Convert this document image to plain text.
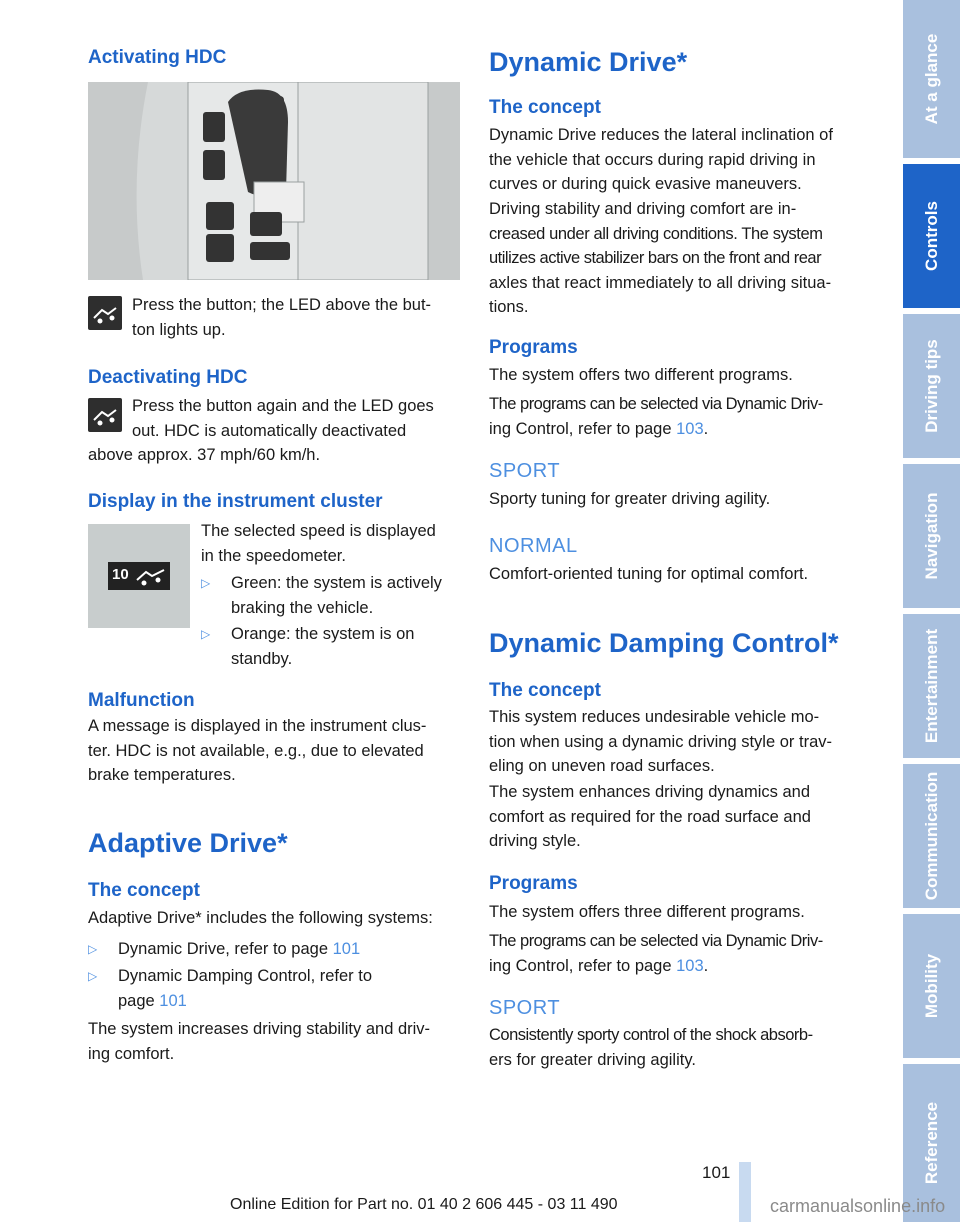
Activating HDC
Press the button; the LED above the but-
ton lights up.
Deactivating HDC
Press the button again and the LED goes
out. HDC is automatically deactivated
above approx. 37 mph/60 km/h.
Display in the instrument cluster
10
The selected speed is displayed
in the speedometer.
▷ Green: the system is actively
braking the vehicle.
▷ Orange: the system is on
standby.
Malfunction
A message is displayed in the instrument clus-
ter. HDC is not available, e.g., due to elevated
brake temperatures.
Adaptive Drive*
The concept
Adaptive Drive* includes the following systems:
▷ Dynamic Drive, refer to page 101
▷ Dynamic Damping Control, refer to
page 101
The system increases driving stability and driv-
ing comfort.
Dynamic Drive*
The concept
Dynamic Drive reduces the lateral inclination of
the vehicle that occurs during rapid driving in
curves or during quick evasive maneuvers.
Driving stability and driving comfort are in-
creased under all driving conditions. The system
utilizes active stabilizer bars on the front and rear
axles that react immediately to all driving situa-
tions.
Programs
The system offers two different programs.
The programs can be selected via Dynamic Driv-
ing Control, refer to page 103.
SPORT
Sporty tuning for greater driving agility.
NORMAL
Comfort-oriented tuning for optimal comfort.
Dynamic Damping Control*
The concept
This system reduces undesirable vehicle mo-
tion when using a dynamic driving style or trav-
eling on uneven road surfaces.
The system enhances driving dynamics and
comfort as required for the road surface and
driving style.
Programs
The system offers three different programs.
The programs can be selected via Dynamic Driv-
ing Control, refer to page 103.
SPORT
Consistently sporty control of the shock absorb-
ers for greater driving agility.
At a glance
Controls
Driving tips
Navigation
Entertainment
Communication
Mobility
Reference
101
Online Edition for Part no. 01 40 2 606 445 - 03 11 490	carmanualsonline.info
